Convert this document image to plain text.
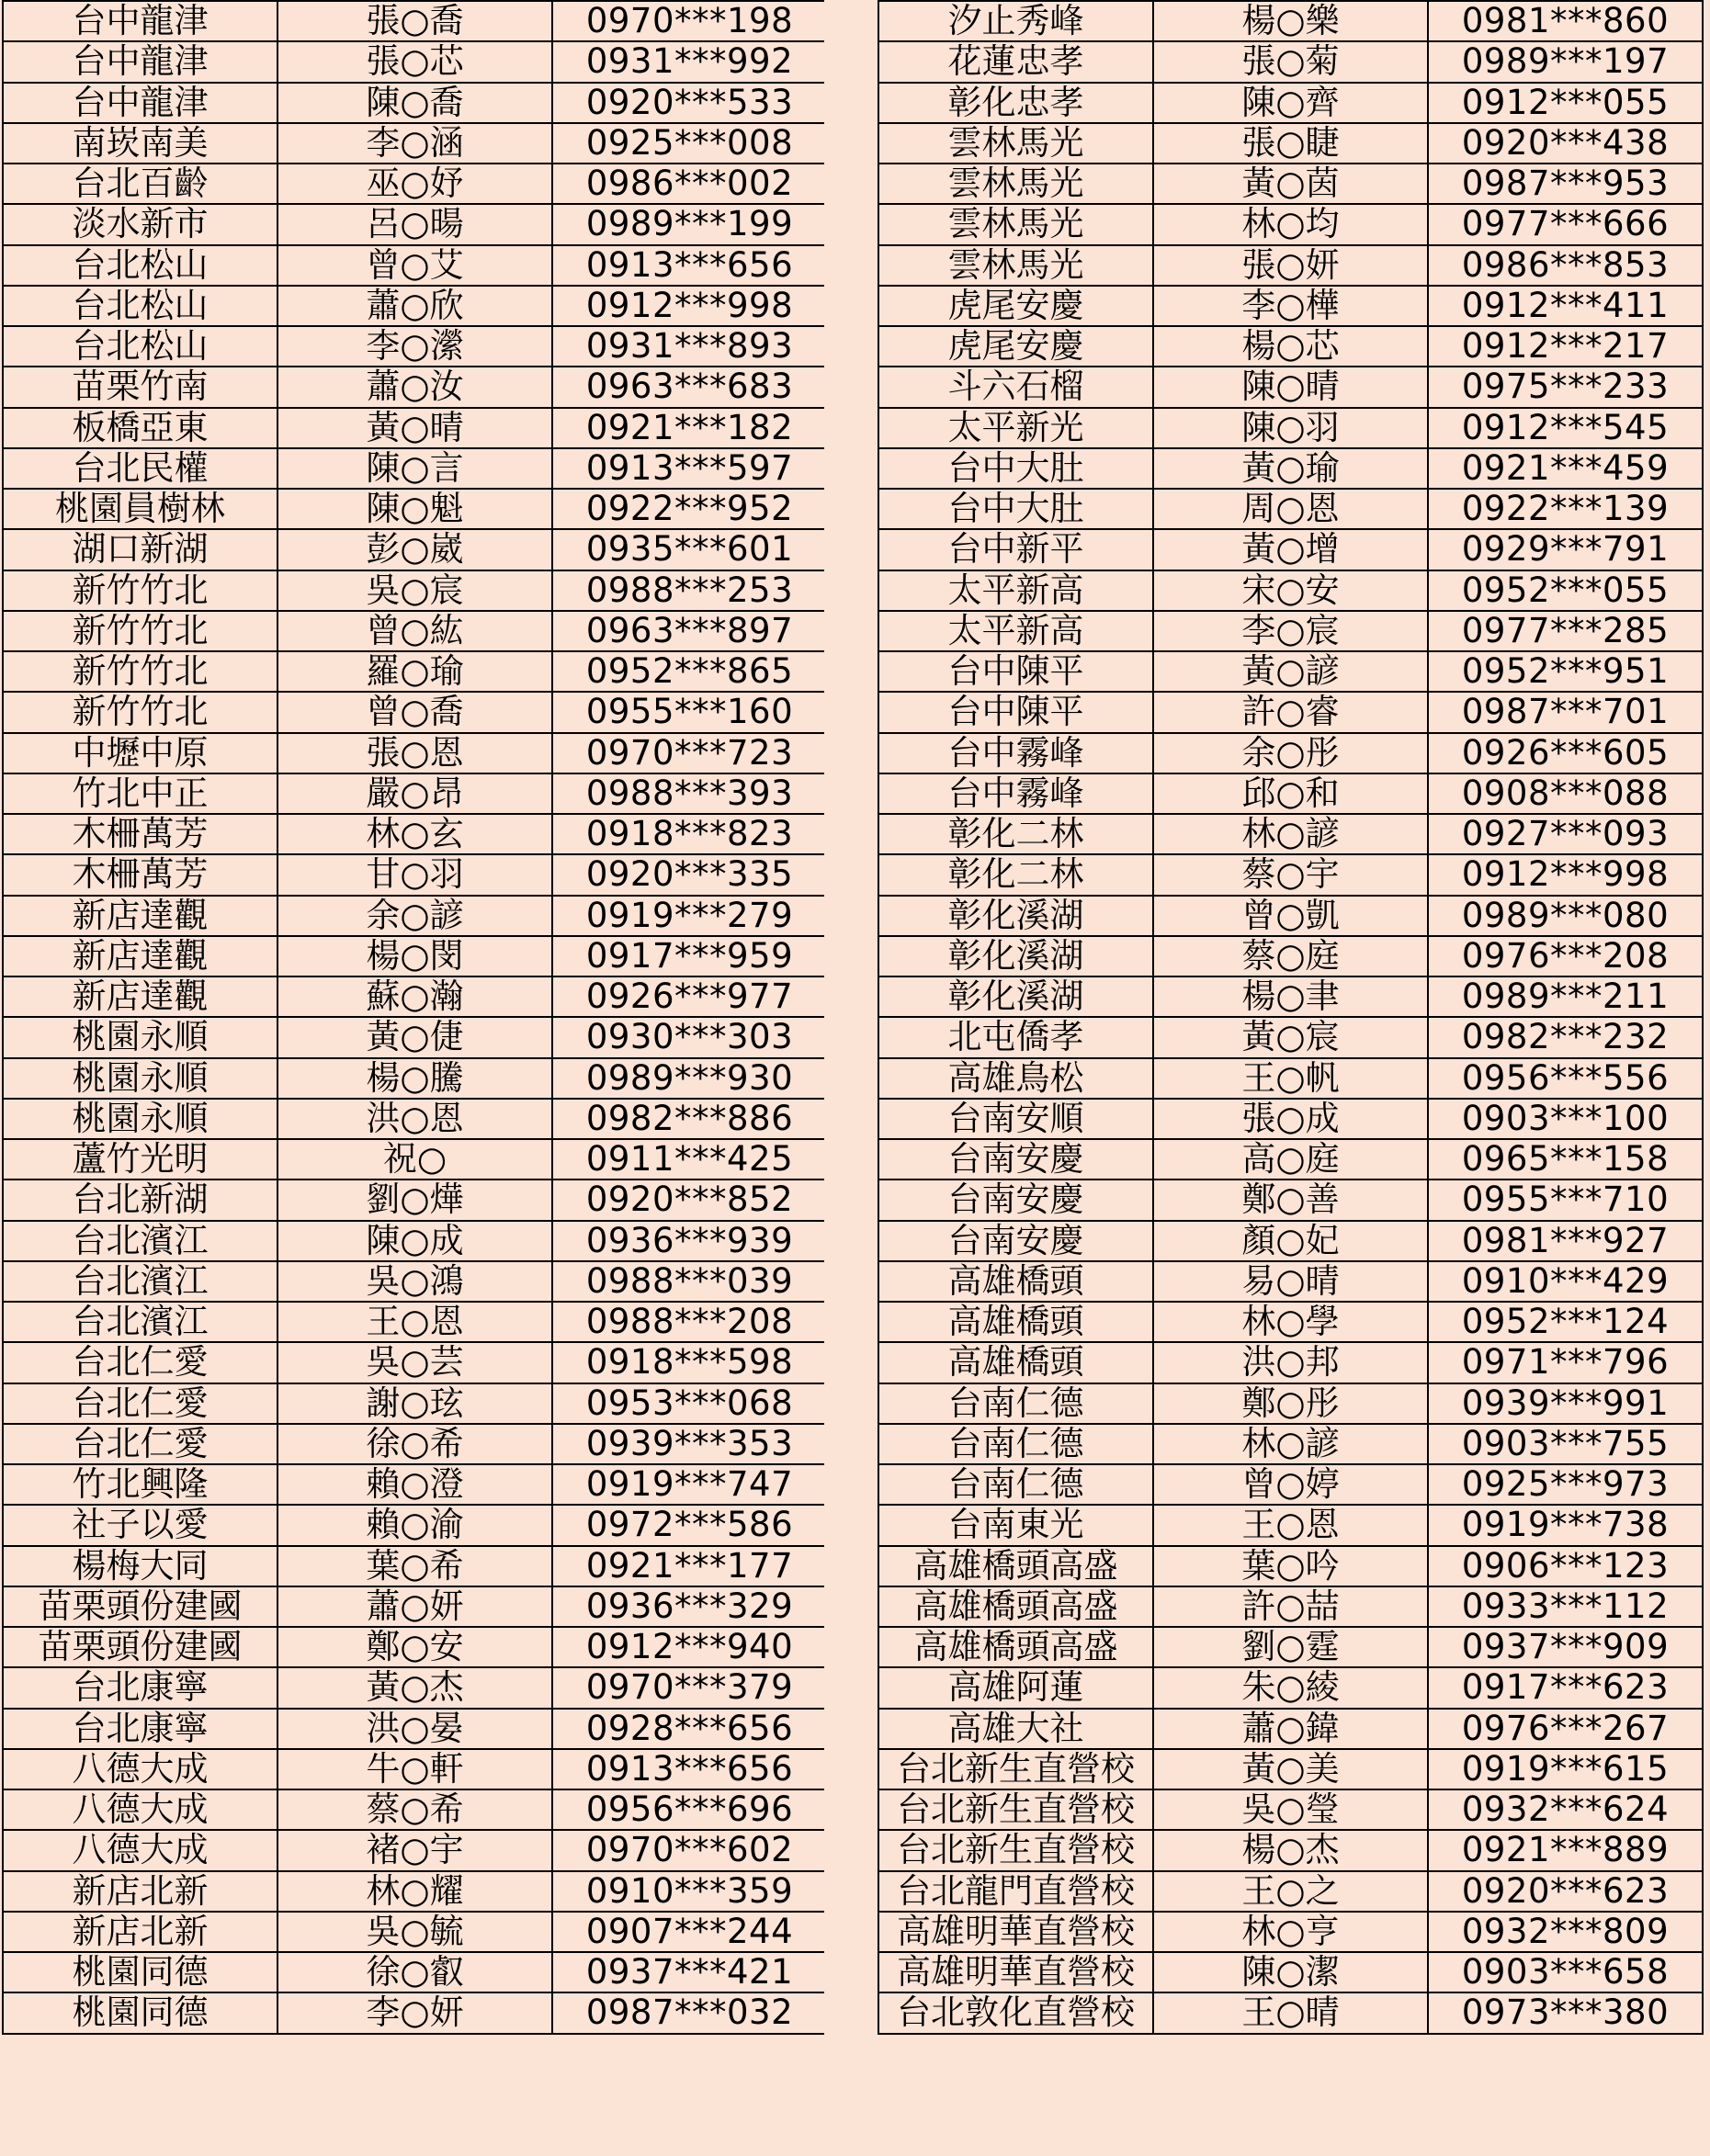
台中龍津	張○喬	0970***198
台中龍津	張○芯	0931***992
台中龍津	陳○喬	0920***533
南崁南美	李○涵	0925***008
台北百齡	巫○妤	0986***002
淡水新市	呂○暘	0989***199
台北松山	曾○艾	0913***656
台北松山	蕭○欣	0912***998
台北松山	李○瀠	0931***893
苗栗竹南	蕭○汝	0963***683
板橋亞東	黃○晴	0921***182
台北民權	陳○言	0913***597
桃園員樹林	陳○魁	0922***952
湖口新湖	彭○崴	0935***601
新竹竹北	吳○宸	0988***253
新竹竹北	曾○紘	0963***897
新竹竹北	羅○瑜	0952***865
新竹竹北	曾○喬	0955***160
中壢中原	張○恩	0970***723
竹北中正	嚴○昂	0988***393
木柵萬芳	林○玄	0918***823
木柵萬芳	甘○羽	0920***335
新店達觀	余○諺	0919***279
新店達觀	楊○閔	0917***959
新店達觀	蘇○瀚	0926***977
桃園永順	黃○倢	0930***303
桃園永順	楊○騰	0989***930
桃園永順	洪○恩	0982***886
蘆竹光明	祝○	0911***425
台北新湖	劉○燁	0920***852
台北濱江	陳○成	0936***939
台北濱江	吳○鴻	0988***039
台北濱江	王○恩	0988***208
台北仁愛	吳○芸	0918***598
台北仁愛	謝○玹	0953***068
台北仁愛	徐○希	0939***353
竹北興隆	賴○澄	0919***747
社子以愛	賴○渝	0972***586
楊梅大同	葉○希	0921***177
苗栗頭份建國	蕭○妍	0936***329
苗栗頭份建國	鄭○安	0912***940
台北康寧	黃○杰	0970***379
台北康寧	洪○晏	0928***656
八德大成	牛○軒	0913***656
八德大成	蔡○希	0956***696
八德大成	褚○宇	0970***602
新店北新	林○耀	0910***359
新店北新	吳○毓	0907***244
桃園同德	徐○叡	0937***421
桃園同德	李○妍	0987***032
汐止秀峰	楊○樂	0981***860
花蓮忠孝	張○菊	0989***197
彰化忠孝	陳○齊	0912***055
雲林馬光	張○睫	0920***438
雲林馬光	黃○茵	0987***953
雲林馬光	林○均	0977***666
雲林馬光	張○妍	0986***853
虎尾安慶	李○樺	0912***411
虎尾安慶	楊○芯	0912***217
斗六石榴	陳○晴	0975***233
太平新光	陳○羽	0912***545
台中大肚	黃○瑜	0921***459
台中大肚	周○恩	0922***139
台中新平	黃○增	0929***791
太平新高	宋○安	0952***055
太平新高	李○宸	0977***285
台中陳平	黃○諺	0952***951
台中陳平	許○睿	0987***701
台中霧峰	余○彤	0926***605
台中霧峰	邱○和	0908***088
彰化二林	林○諺	0927***093
彰化二林	蔡○宇	0912***998
彰化溪湖	曾○凱	0989***080
彰化溪湖	蔡○庭	0976***208
彰化溪湖	楊○聿	0989***211
北屯僑孝	黃○宸	0982***232
高雄鳥松	王○帆	0956***556
台南安順	張○成	0903***100
台南安慶	高○庭	0965***158
台南安慶	鄭○善	0955***710
台南安慶	顏○妃	0981***927
高雄橋頭	易○晴	0910***429
高雄橋頭	林○學	0952***124
高雄橋頭	洪○邦	0971***796
台南仁德	鄭○彤	0939***991
台南仁德	林○諺	0903***755
台南仁德	曾○婷	0925***973
台南東光	王○恩	0919***738
高雄橋頭高盛	葉○吟	0906***123
高雄橋頭高盛	許○喆	0933***112
高雄橋頭高盛	劉○霆	0937***909
高雄阿蓮	朱○綾	0917***623
高雄大社	蕭○鍏	0976***267
台北新生直營校	黃○美	0919***615
台北新生直營校	吳○瑩	0932***624
台北新生直營校	楊○杰	0921***889
台北龍門直營校	王○之	0920***623
高雄明華直營校	林○亨	0932***809
高雄明華直營校	陳○潔	0903***658
台北敦化直營校	王○晴	0973***380
